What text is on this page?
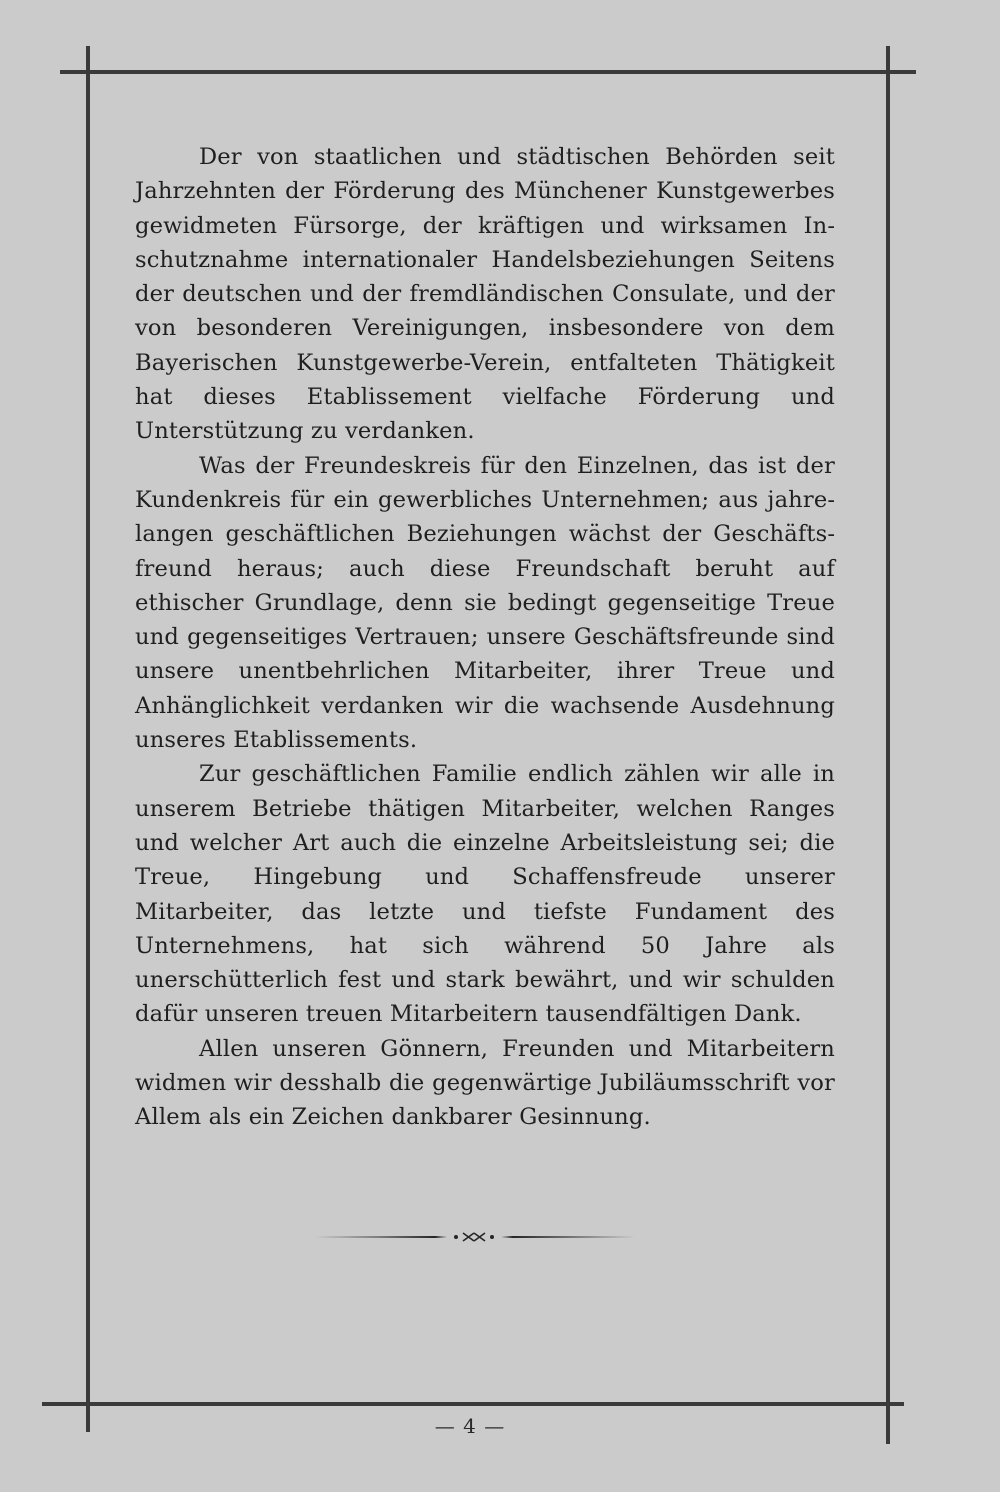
Der von staatlichen und städtischen Behörden seit Jahrzehnten der Förderung des Münchener Kunstgewerbes gewidmeten Fürsorge, der kräftigen und wirksamen Inschutznahme internationaler Handelsbeziehungen Seitens der deutschen und der fremdländischen Consulate, und der von besonderen Vereinigungen, insbesondere von dem Bayerischen Kunstgewerbe-Verein, entfalteten Thätigkeit hat dieses Etablissement vielfache Förderung und Unterstützung zu verdanken.

Was der Freundeskreis für den Einzelnen, das ist der Kundenkreis für ein gewerbliches Unternehmen; aus jahrelangen geschäftlichen Beziehungen wächst der Geschäftsfreund heraus; auch diese Freundschaft beruht auf ethischer Grundlage, denn sie bedingt gegenseitige Treue und gegenseitiges Vertrauen; unsere Geschäftsfreunde sind unsere unentbehrlichen Mitarbeiter, ihrer Treue und Anhänglichkeit verdanken wir die wachsende Ausdehnung unseres Etablissements.

Zur geschäftlichen Familie endlich zählen wir alle in unserem Betriebe thätigen Mitarbeiter, welchen Ranges und welcher Art auch die einzelne Arbeitsleistung sei; die Treue, Hingebung und Schaffensfreude unserer Mitarbeiter, das letzte und tiefste Fundament des Unternehmens, hat sich während 50 Jahre als unerschütterlich fest und stark bewährt, und wir schulden dafür unseren treuen Mitarbeitern tausendfältigen Dank.

Allen unseren Gönnern, Freunden und Mitarbeitern widmen wir desshalb die gegenwärtige Jubiläumsschrift vor Allem als ein Zeichen dankbarer Gesinnung.

— 4 —
